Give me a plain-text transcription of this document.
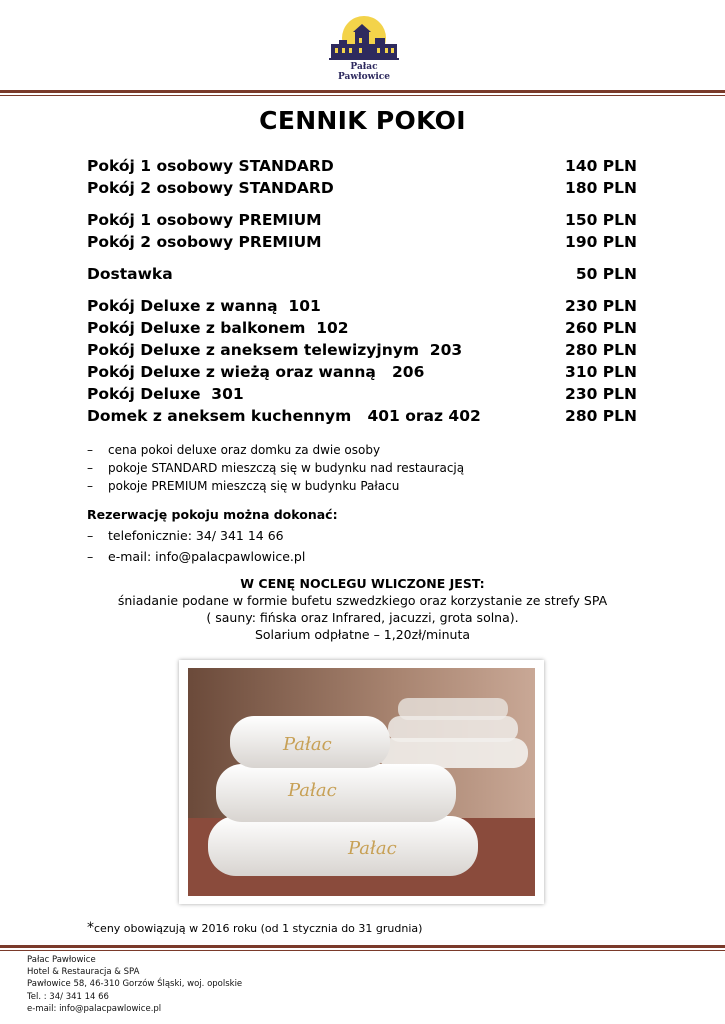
Pałac Pawłowice
CENNIK POKOI
Pokój 1 osobowy STANDARD	140 PLN
Pokój 2 osobowy STANDARD	180 PLN
Pokój 1 osobowy PREMIUM	150 PLN
Pokój 2 osobowy PREMIUM	190 PLN
Dostawka	50 PLN
Pokój Deluxe z wanną  101	230 PLN
Pokój Deluxe z balkonem  102	260 PLN
Pokój Deluxe z aneksem telewizyjnym  203	280 PLN
Pokój Deluxe z wieżą oraz wanną   206	310 PLN
Pokój Deluxe  301	230 PLN
Domek z aneksem kuchennym   401 oraz 402	280 PLN
–	cena pokoi deluxe oraz domku za dwie osoby
–	pokoje STANDARD mieszczą się w budynku nad restauracją
–	pokoje PREMIUM mieszczą się w budynku Pałacu
Rezerwację pokoju można dokonać:
–	telefonicznie: 34/ 341 14 66
–	e-mail: info@palacpawlowice.pl
W CENĘ NOCLEGU WLICZONE JEST:
śniadanie podane w formie bufetu szwedzkiego oraz korzystanie ze strefy SPA
( sauny: fińska oraz Infrared, jacuzzi, grota solna).
Solarium odpłatne – 1,20zł/minuta
Pałac
Pałac
Pałac
*ceny obowiązują w 2016 roku (od 1 stycznia do 31 grudnia)
Pałac Pawłowice
Hotel & Restauracja & SPA
Pawłowice 58, 46-310 Gorzów Śląski, woj. opolskie
Tel. : 34/ 341 14 66
e-mail: info@palacpawlowice.pl
